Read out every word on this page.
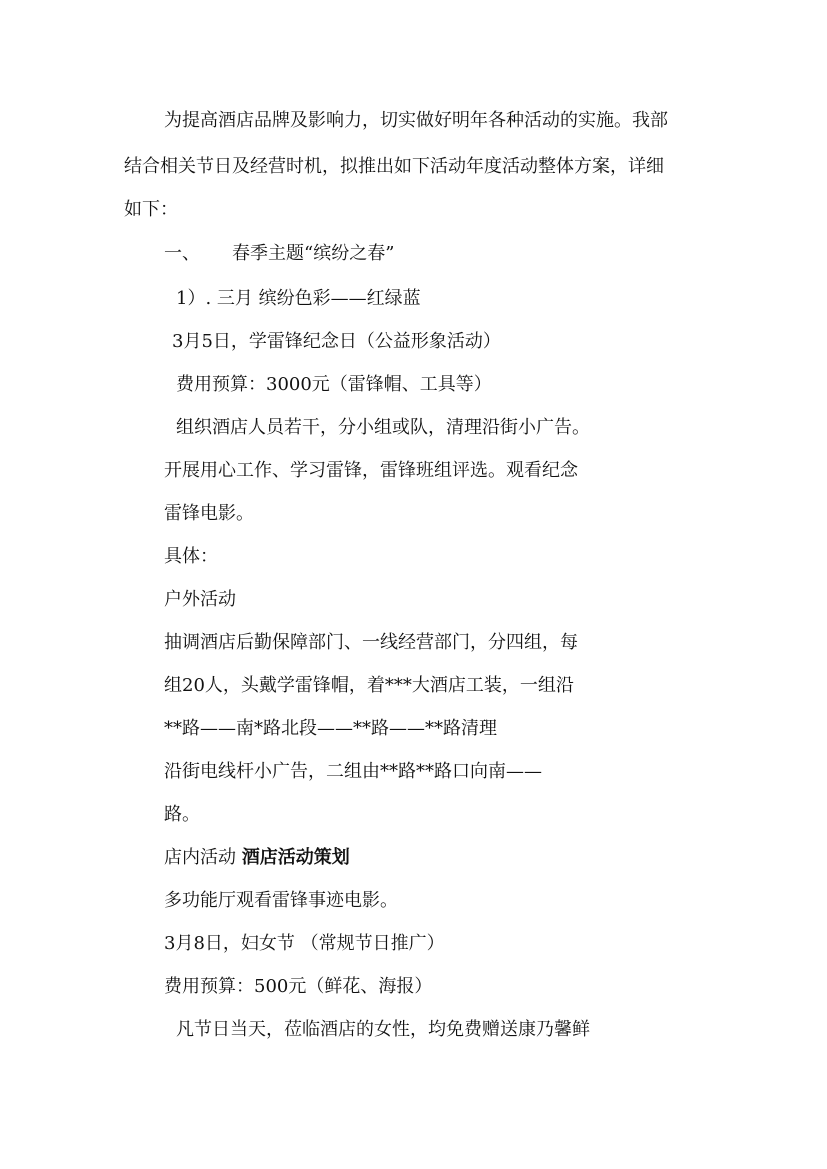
为提高酒店品牌及影响力，切实做好明年各种活动的实施。我部
结合相关节日及经营时机，拟推出如下活动年度活动整体方案，详细
如下：
一、 春季主题“缤纷之春”
1）. 三月 缤纷色彩——红绿蓝
3月5日，学雷锋纪念日（公益形象活动）
费用预算：3000元（雷锋帽、工具等）
组织酒店人员若干，分小组或队，清理沿街小广告。
开展用心工作、学习雷锋，雷锋班组评选。观看纪念
雷锋电影。
具体：
户外活动
抽调酒店后勤保障部门、一线经营部门，分四组，每
组20人，头戴学雷锋帽，着***大酒店工装，一组沿
**路——南*路北段——**路——**路清理
沿街电线杆小广告，二组由**路**路口向南——
路。
店内活动 酒店活动策划
多功能厅观看雷锋事迹电影。
3月8日，妇女节 （常规节日推广）
费用预算：500元（鲜花、海报）
凡节日当天，莅临酒店的女性，均免费赠送康乃馨鲜
